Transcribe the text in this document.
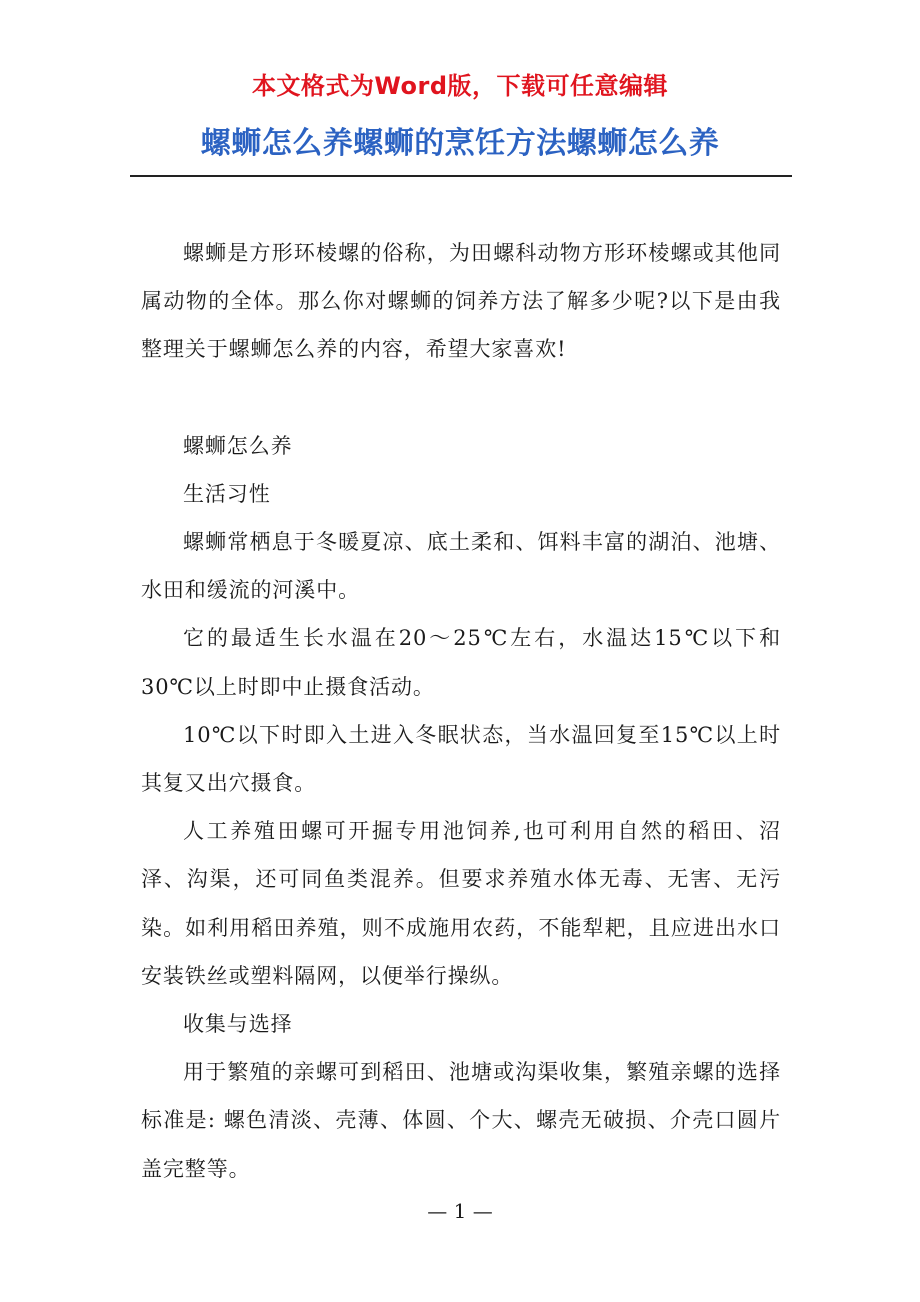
本文格式为Word版，下载可任意编辑
螺蛳怎么养螺蛳的烹饪方法螺蛳怎么养

螺蛳是方形环棱螺的俗称，为田螺科动物方形环棱螺或其他同属动物的全体。那么你对螺蛳的饲养方法了解多少呢?以下是由我整理关于螺蛳怎么养的内容，希望大家喜欢!

螺蛳怎么养

生活习性

螺蛳常栖息于冬暖夏凉、底土柔和、饵料丰富的湖泊、池塘、水田和缓流的河溪中。

它的最适生长水温在20～25℃左右，水温达15℃以下和30℃以上时即中止摄食活动。

10℃以下时即入土进入冬眠状态，当水温回复至15℃以上时其复又出穴摄食。

人工养殖田螺可开掘专用池饲养,也可利用自然的稻田、沼泽、沟渠，还可同鱼类混养。但要求养殖水体无毒、无害、无污染。如利用稻田养殖，则不成施用农药，不能犁耙，且应进出水口安装铁丝或塑料隔网，以便举行操纵。

收集与选择

用于繁殖的亲螺可到稻田、池塘或沟渠收集，繁殖亲螺的选择标准是: 螺色清淡、壳薄、体圆、个大、螺壳无破损、介壳口圆片盖完整等。

— 1 —
